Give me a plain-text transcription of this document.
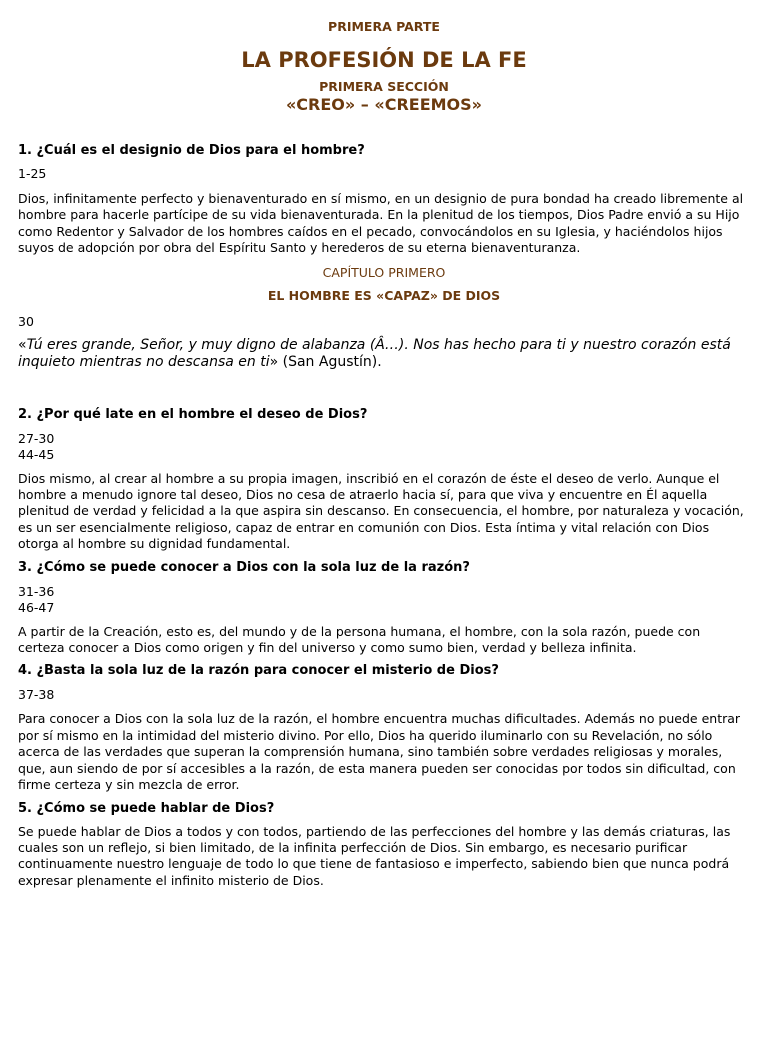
PRIMERA PARTE
LA PROFESIÓN DE LA FE
PRIMERA SECCIÓN
«CREO» – «CREEMOS»

1. ¿Cuál es el designio de Dios para el hombre?

1-25

Dios, infinitamente perfecto y bienaventurado en sí mismo, en un designio de pura bondad ha creado libremente al hombre para hacerle partícipe de su vida bienaventurada. En la plenitud de los tiempos, Dios Padre envió a su Hijo como Redentor y Salvador de los hombres caídos en el pecado, convocándolos en su Iglesia, y haciéndolos hijos suyos de adopción por obra del Espíritu Santo y herederos de su eterna bienaventuranza.

CAPÍTULO PRIMERO
EL HOMBRE ES «CAPAZ» DE DIOS

30

«Tú eres grande, Señor, y muy digno de alabanza (Â…). Nos has hecho para ti y nuestro corazón está inquieto mientras no descansa en ti» (San Agustín).

2. ¿Por qué late en el hombre el deseo de Dios?

27-30

44-45

Dios mismo, al crear al hombre a su propia imagen, inscribió en el corazón de éste el deseo de verlo. Aunque el hombre a menudo ignore tal deseo, Dios no cesa de atraerlo hacia sí, para que viva y encuentre en Él aquella plenitud de verdad y felicidad a la que aspira sin descanso. En consecuencia, el hombre, por naturaleza y vocación, es un ser esencialmente religioso, capaz de entrar en comunión con Dios. Esta íntima y vital relación con Dios otorga al hombre su dignidad fundamental.

3. ¿Cómo se puede conocer a Dios con la sola luz de la razón?

31-36

46-47

A partir de la Creación, esto es, del mundo y de la persona humana, el hombre, con la sola razón, puede con certeza conocer a Dios como origen y fin del universo y como sumo bien, verdad y belleza infinita.

4. ¿Basta la sola luz de la razón para conocer el misterio de Dios?

37-38

Para conocer a Dios con la sola luz de la razón, el hombre encuentra muchas dificultades. Además no puede entrar por sí mismo en la intimidad del misterio divino. Por ello, Dios ha querido iluminarlo con su Revelación, no sólo acerca de las verdades que superan la comprensión humana, sino también sobre verdades religiosas y morales, que, aun siendo de por sí accesibles a la razón, de esta manera pueden ser conocidas por todos sin dificultad, con firme certeza y sin mezcla de error.

5. ¿Cómo se puede hablar de Dios?

Se puede hablar de Dios a todos y con todos, partiendo de las perfecciones del hombre y las demás criaturas, las cuales son un reflejo, si bien limitado, de la infinita perfección de Dios. Sin embargo, es necesario purificar continuamente nuestro lenguaje de todo lo que tiene de fantasioso e imperfecto, sabiendo bien que nunca podrá expresar plenamente el infinito misterio de Dios.
